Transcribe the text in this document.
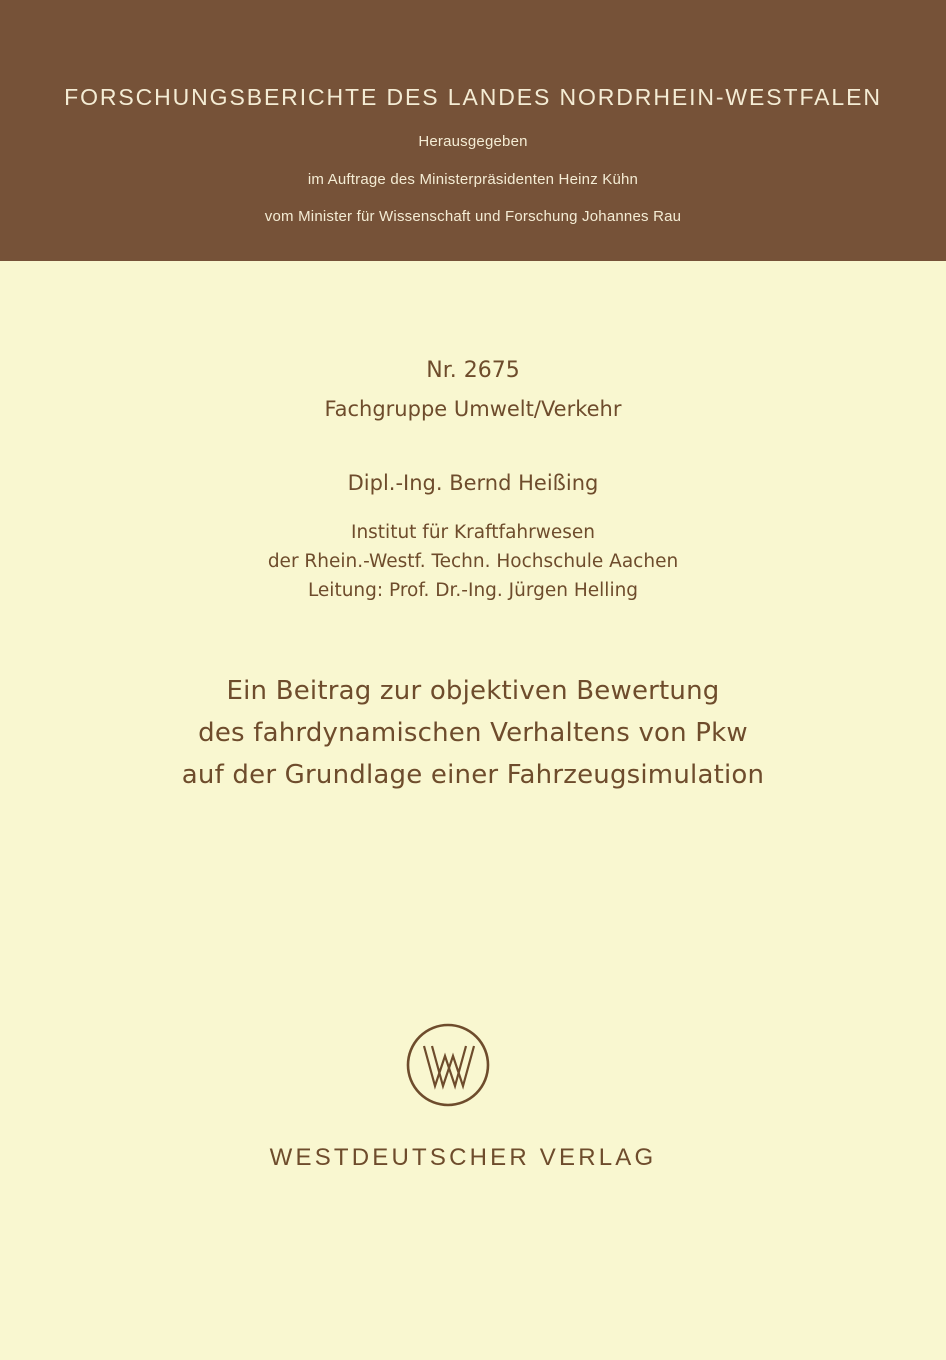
FORSCHUNGSBERICHTE DES LANDES NORDRHEIN-WESTFALEN
Herausgegeben
im Auftrage des Ministerpräsidenten Heinz Kühn
vom Minister für Wissenschaft und Forschung Johannes Rau
Nr. 2675
Fachgruppe Umwelt/Verkehr
Dipl.-Ing. Bernd Heißing
Institut für Kraftfahrwesen
der Rhein.-Westf. Techn. Hochschule Aachen
Leitung: Prof. Dr.-Ing. Jürgen Helling
Ein Beitrag zur objektiven Bewertung
des fahrdynamischen Verhaltens von Pkw
auf der Grundlage einer Fahrzeugsimulation
WESTDEUTSCHER VERLAG
